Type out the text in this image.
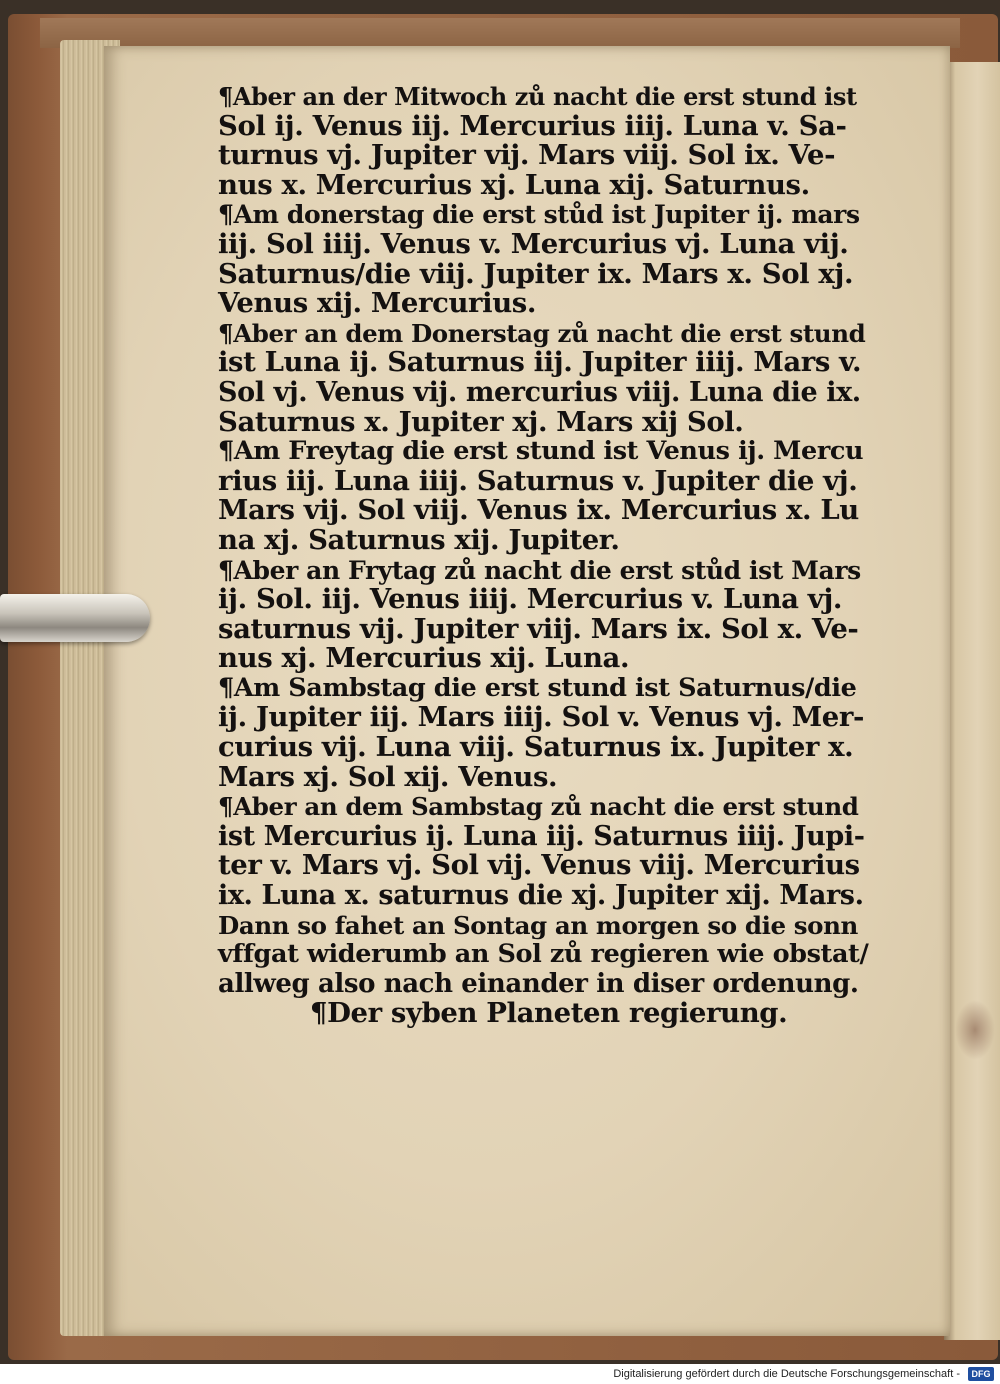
¶Aber an der Mitwoch zů nacht die erst stund ist
Sol ij. Venus iij. Mercurius iiij. Luna v. Sa-
turnus vj. Jupiter vij. Mars viij. Sol ix. Ve-
nus x. Mercurius xj. Luna xij. Saturnus.
¶Am donerstag die erst stůd ist Jupiter ij. mars
iij. Sol iiij. Venus v. Mercurius vj. Luna vij.
Saturnus/die viij. Jupiter ix. Mars x. Sol xj.
Venus xij. Mercurius.
¶Aber an dem Donerstag zů nacht die erst stund
ist Luna ij. Saturnus iij. Jupiter iiij. Mars v.
Sol vj. Venus vij. mercurius viij. Luna die ix.
Saturnus x. Jupiter xj. Mars xij Sol.
¶Am Freytag die erst stund ist Venus ij. Mercu
rius iij. Luna iiij. Saturnus v. Jupiter die vj.
Mars vij. Sol viij. Venus ix. Mercurius x. Lu
na xj. Saturnus xij. Jupiter.
¶Aber an Frytag zů nacht die erst stůd ist Mars
ij. Sol. iij. Venus iiij. Mercurius v. Luna vj.
saturnus vij. Jupiter viij. Mars ix. Sol x. Ve-
nus xj. Mercurius xij. Luna.
¶Am Sambstag die erst stund ist Saturnus/die
ij. Jupiter iij. Mars iiij. Sol v. Venus vj. Mer-
curius vij. Luna viij. Saturnus ix. Jupiter x.
Mars xj. Sol xij. Venus.
¶Aber an dem Sambstag zů nacht die erst stund
ist Mercurius ij. Luna iij. Saturnus iiij. Jupi-
ter v. Mars vj. Sol vij. Venus viij. Mercurius
ix. Luna x. saturnus die xj. Jupiter xij. Mars.
Dann so fahet an Sontag an morgen so die sonn
vffgat widerumb an Sol zů regieren wie obstat/
allweg also nach einander in diser ordenung.
¶Der syben Planeten regierung.
Digitalisierung gefördert durch die Deutsche Forschungsgemeinschaft -	DFG
